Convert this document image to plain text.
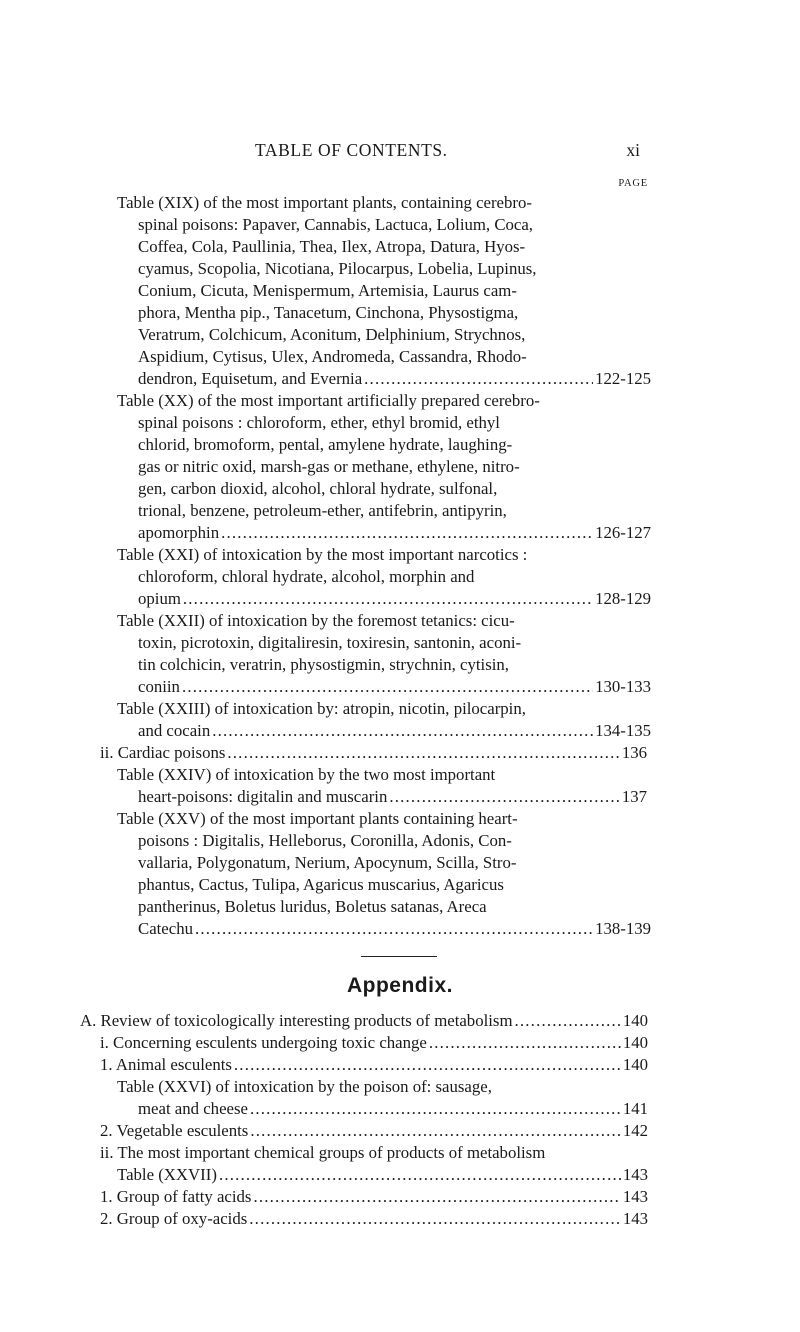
TABLE OF CONTENTS.	xi
PAGE
Table (XIX) of the most important plants, containing cerebro-
spinal poisons: Papaver, Cannabis, Lactuca, Lolium, Coca,
Coffea, Cola, Paullinia, Thea, Ilex, Atropa, Datura, Hyos-
cyamus, Scopolia, Nicotiana, Pilocarpus, Lobelia, Lupinus,
Conium, Cicuta, Menispermum, Artemisia, Laurus cam-
phora, Mentha pip., Tanacetum, Cinchona, Physostigma,
Veratrum, Colchicum, Aconitum, Delphinium, Strychnos,
Aspidium, Cytisus, Ulex, Andromeda, Cassandra, Rhodo-
dendron, Equisetum, and Evernia . . .	122-125
Table (XX) of the most important artificially prepared cerebro-
spinal poisons : chloroform, ether, ethyl bromid, ethyl
chlorid, bromoform, pental, amylene hydrate, laughing-
gas or nitric oxid, marsh-gas or methane, ethylene, nitro-
gen, carbon dioxid, alcohol, chloral hydrate, sulfonal,
trional, benzene, petroleum-ether, antifebrin, antipyrin,
apomorphin . . .	126-127
Table (XXI) of intoxication by the most important narcotics :
chloroform, chloral hydrate, alcohol, morphin and
opium . . .	128-129
Table (XXII) of intoxication by the foremost tetanics: cicu-
toxin, picrotoxin, digitaliresin, toxiresin, santonin, aconi-
tin colchicin, veratrin, physostigmin, strychnin, cytisin,
coniin . . .	130-133
Table (XXIII) of intoxication by: atropin, nicotin, pilocarpin,
and cocain . . .	134-135
ii. Cardiac poisons . . .	136
Table (XXIV) of intoxication by the two most important
heart-poisons: digitalin and muscarin . . .	137
Table (XXV) of the most important plants containing heart-
poisons : Digitalis, Helleborus, Coronilla, Adonis, Con-
vallaria, Polygonatum, Nerium, Apocynum, Scilla, Stro-
phantus, Cactus, Tulipa, Agaricus muscarius, Agaricus
pantherinus, Boletus luridus, Boletus satanas, Areca
Catechu . . .	138-139
Appendix.
A. Review of toxicologically interesting products of metabolism . . .	140
i. Concerning esculents undergoing toxic change . . .	140
1. Animal esculents . . .	140
Table (XXVI) of intoxication by the poison of: sausage,
meat and cheese . . .	141
2. Vegetable esculents . . .	142
ii. The most important chemical groups of products of metabolism
Table (XXVII) . . .	143
1. Group of fatty acids . . .	143
2. Group of oxy-acids . . .	143
